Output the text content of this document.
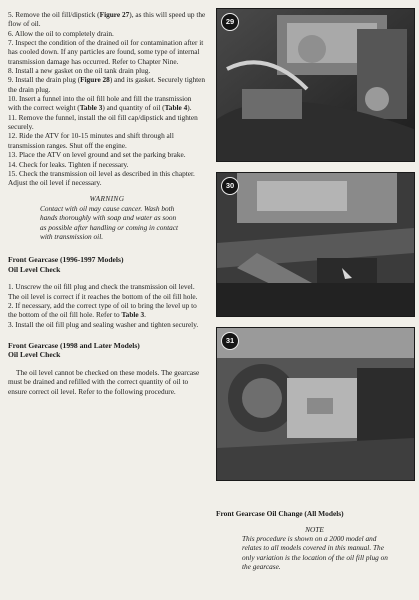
5. Remove the oil fill/dipstick (Figure 27), as this will speed up the flow of oil.

6. Allow the oil to completely drain.

7. Inspect the condition of the drained oil for contamination after it has cooled down. If any particles are found, some type of internal transmission damage has occurred. Refer to Chapter Nine.

8. Install a new gasket on the oil tank drain plug.

9. Install the drain plug (Figure 28) and its gasket. Securely tighten the drain plug.

10. Insert a funnel into the oil fill hole and fill the transmission with the correct weight (Table 3) and quantity of oil (Table 4).

11. Remove the funnel, install the oil fill cap/dipstick and tighten securely.

12. Ride the ATV for 10-15 minutes and shift through all transmission ranges. Shut off the engine.

13. Place the ATV on level ground and set the parking brake.

14. Check for leaks. Tighten if necessary.

15. Check the transmission oil level as described in this chapter. Adjust the oil level if necessary.

WARNING
Contact with oil may cause cancer. Wash both hands thoroughly with soap and water as soon as possible after handling or coming in contact with transmission oil.

Front Gearcase (1996-1997 Models)
Oil Level Check

1. Unscrew the oil fill plug and check the transmission oil level. The oil level is correct if it reaches the bottom of the oil fill hole.

2. If necessary, add the correct type of oil to bring the level up to the bottom of the oil fill hole. Refer to Table 3.

3. Install the oil fill plug and sealing washer and tighten securely.

Front Gearcase (1998 and Later Models)
Oil Level Check

The oil level cannot be checked on these models. The gearcase must be drained and refilled with the correct quantity of oil to ensure correct oil level. Refer to the following procedure.

29
30
31

Front Gearcase Oil Change (All Models)

NOTE
This procedure is shown on a 2000 model and relates to all models covered in this manual. The only variation is the location of the oil fill plug on the gearcase.
